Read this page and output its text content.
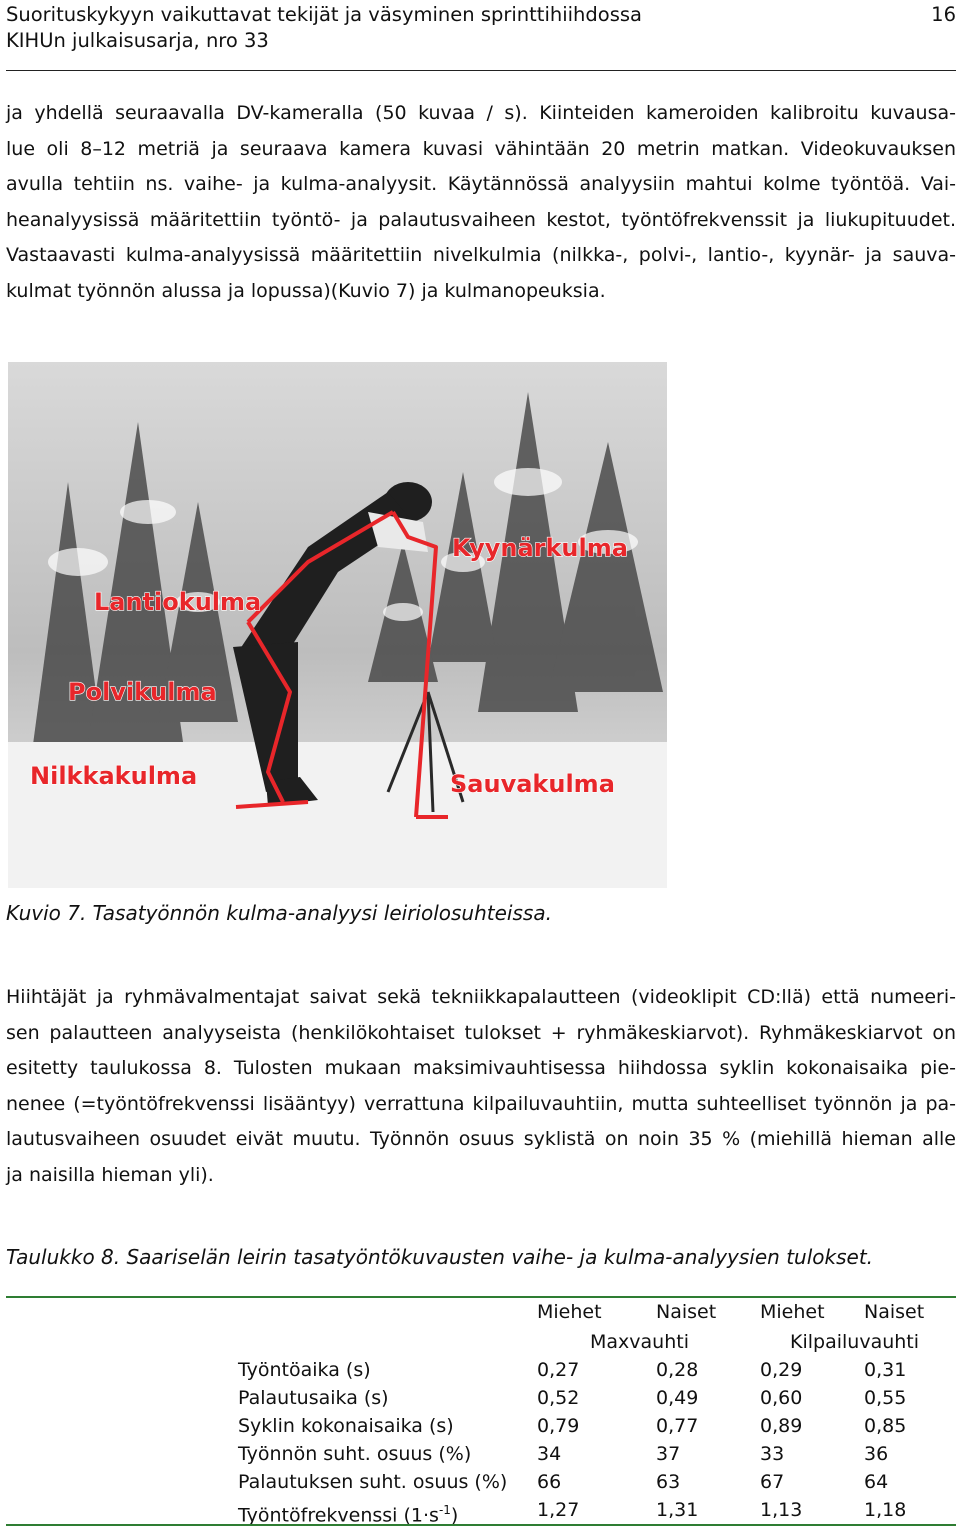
Suorituskykyyn vaikuttavat tekijät ja väsyminen sprinttihiihdossa
KIHUn julkaisusarja, nro 33
16
ja yhdellä seuraavalla DV-kameralla (50 kuvaa / s). Kiinteiden kameroiden kalibroitu kuvausa-
lue oli 8–12 metriä ja seuraava kamera kuvasi vähintään 20 metrin matkan. Videokuvauksen
avulla tehtiin ns. vaihe- ja kulma-analyysit. Käytännössä analyysiin mahtui kolme työntöä. Vai-
heanalyysissä määritettiin työntö- ja palautusvaiheen kestot, työntöfrekvenssit ja liukupituudet.
Vastaavasti kulma-analyysissä määritettiin nivelkulmia (nilkka-, polvi-, lantio-, kyynär- ja sauva-
kulmat työnnön alussa ja lopussa)(Kuvio 7) ja kulmanopeuksia.
Kyynärkulma
Lantiokulma
Polvikulma
Nilkkakulma	Sauvakulma
Kuvio 7. Tasatyönnön kulma-analyysi leiriolosuhteissa.
Hiihtäjät ja ryhmävalmentajat saivat sekä tekniikkapalautteen (videoklipit CD:llä) että numeeri-
sen palautteen analyyseista (henkilökohtaiset tulokset + ryhmäkeskiarvot). Ryhmäkeskiarvot on
esitetty taulukossa 8. Tulosten mukaan maksimivauhtisessa hiihdossa syklin kokonaisaika pie-
nenee (=työntöfrekvenssi lisääntyy) verrattuna kilpailuvauhtiin, mutta suhteelliset työnnön ja pa-
lautusvaiheen osuudet eivät muutu. Työnnön osuus syklistä on noin 35 % (miehillä hieman alle
ja naisilla hieman yli).
Taulukko 8. Saariselän leirin tasatyöntökuvausten vaihe- ja kulma-analyysien tulokset.
Miehet	Naiset Miehet Naiset
Maxvauhti	Kilpailuvauhti
Työntöaika (s)	0,27	0,28	0,29	0,31
Palautusaika (s)	0,52	0,49	0,60	0,55
Syklin kokonaisaika (s)	0,79	0,77	0,89	0,85
Työnnön suht. osuus (%)	34	37	33	36
Palautuksen suht. osuus (%) 66	63	67	64
Työntöfrekvenssi $(1\cdot s^{-1})$	1,27	1,31	1,13	1,18
